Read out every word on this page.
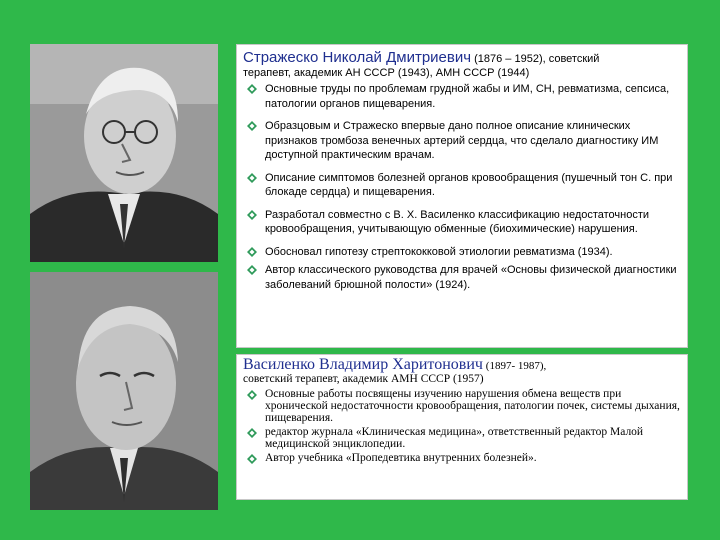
Стражеско Николай Дмитриевич (1876 – 1952), советский
терапевт, академик АН СССР (1943), АМН СССР (1944)
Основные труды по проблемам грудной жабы и ИМ, СН, ревматизма, сепсиса, патологии органов пищеварения.
Образцовым и Стражеско впервые дано полное описание клинических признаков тромбоза венечных артерий сердца, что сделало диагностику ИМ доступной практическим врачам.
Описание симптомов болезней органов кровообращения (пушечный тон С. при блокаде сердца) и пищеварения.
Разработал совместно с В. Х. Василенко классификацию недостаточности кровообращения, учитывающую обменные (биохимические) нарушения.
Обосновал гипотезу стрептококковой этиологии ревматизма (1934).
Автор классического руководства для врачей «Основы физической диагностики заболеваний брюшной полости» (1924).
Василенко Владимир Харитонович (1897- 1987),
советский терапевт, академик АМН СССР (1957)
Основные работы посвящены изучению нарушения обмена веществ при хронической недостаточности кровообращения, патологии почек, системы дыхания, пищеварения.
редактор журнала «Клиническая медицина», ответственный редактор Малой медицинской энциклопедии.
Автор учебника «Пропедевтика внутренних болезней».
